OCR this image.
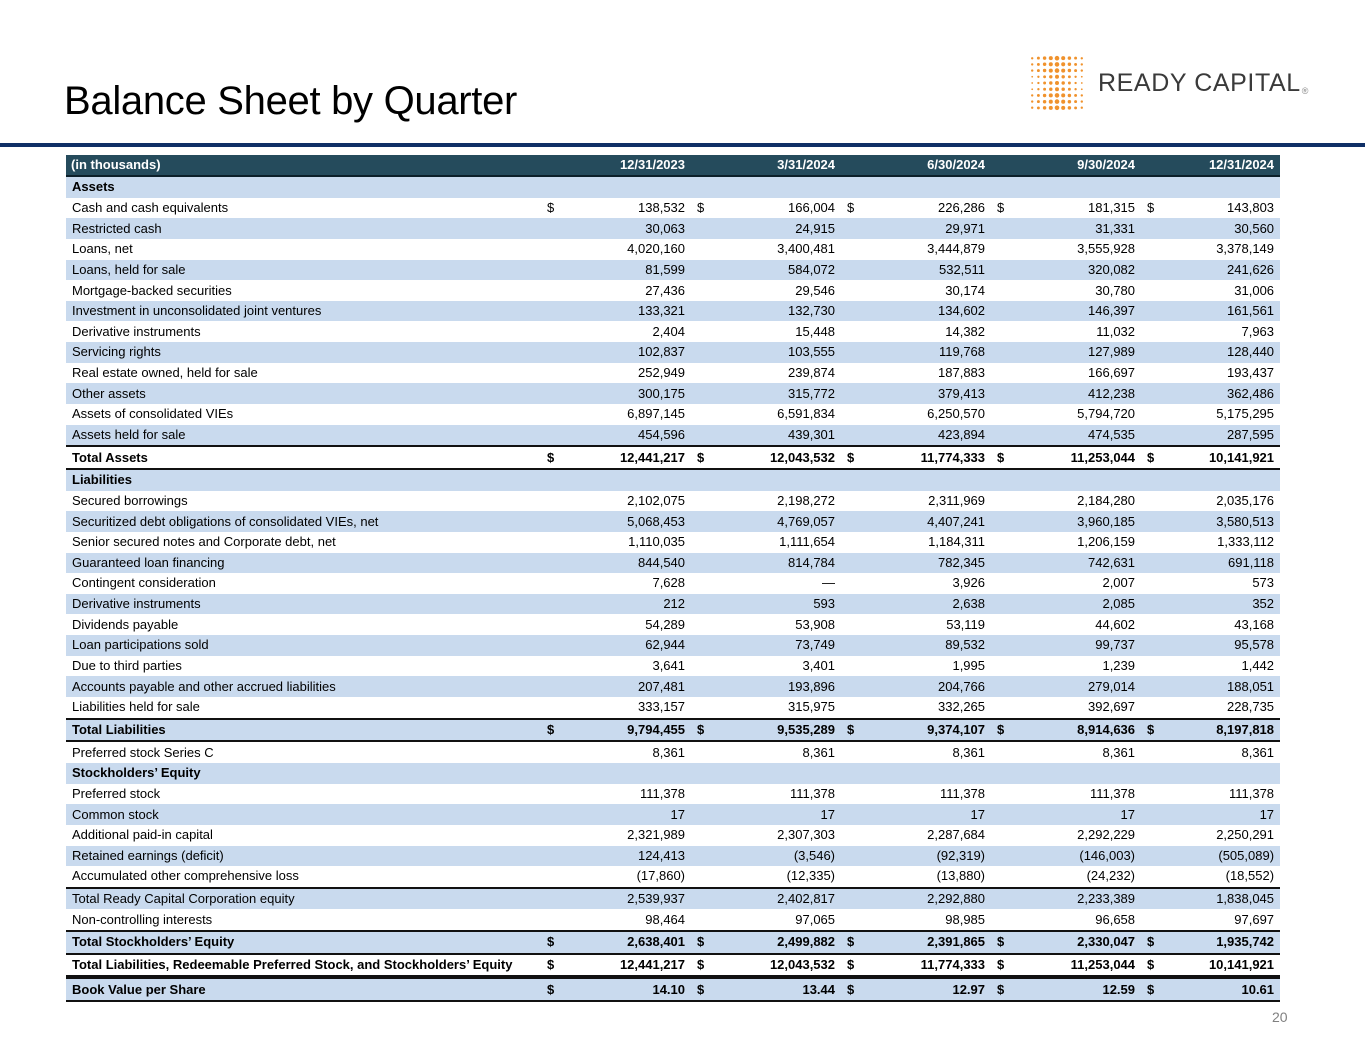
Balance Sheet by Quarter	READY CAPITAL®
(in thousands)	12/31/2023		3/31/2024		6/30/2024		9/30/2024		12/31/2024	
Assets										
Cash and cash equivalents	$	138,532	$	166,004	$	226,286	$	181,315	$	143,803
Restricted cash		30,063		24,915		29,971		31,331		30,560
Loans, net		4,020,160		3,400,481		3,444,879		3,555,928		3,378,149
Loans, held for sale		81,599		584,072		532,511		320,082		241,626
Mortgage-backed securities		27,436		29,546		30,174		30,780		31,006
Investment in unconsolidated joint ventures		133,321		132,730		134,602		146,397		161,561
Derivative instruments		2,404		15,448		14,382		11,032		7,963
Servicing rights		102,837		103,555		119,768		127,989		128,440
Real estate owned, held for sale		252,949		239,874		187,883		166,697		193,437
Other assets		300,175		315,772		379,413		412,238		362,486
Assets of consolidated VIEs		6,897,145		6,591,834		6,250,570		5,794,720		5,175,295
Assets held for sale		454,596		439,301		423,894		474,535		287,595
Total Assets	$	12,441,217	$	12,043,532	$	11,774,333	$	11,253,044	$	10,141,921
Liabilities										
Secured borrowings		2,102,075		2,198,272		2,311,969		2,184,280		2,035,176
Securitized debt obligations of consolidated VIEs, net		5,068,453		4,769,057		4,407,241		3,960,185		3,580,513
Senior secured notes and Corporate debt, net		1,110,035		1,111,654		1,184,311		1,206,159		1,333,112
Guaranteed loan financing		844,540		814,784		782,345		742,631		691,118
Contingent consideration		7,628		—		3,926		2,007		573
Derivative instruments		212		593		2,638		2,085		352
Dividends payable		54,289		53,908		53,119		44,602		43,168
Loan participations sold		62,944		73,749		89,532		99,737		95,578
Due to third parties		3,641		3,401		1,995		1,239		1,442
Accounts payable and other accrued liabilities		207,481		193,896		204,766		279,014		188,051
Liabilities held for sale		333,157		315,975		332,265		392,697		228,735
Total Liabilities	$	9,794,455	$	9,535,289	$	9,374,107	$	8,914,636	$	8,197,818
Preferred stock Series C		8,361		8,361		8,361		8,361		8,361
Stockholders’ Equity										
Preferred stock		111,378		111,378		111,378		111,378		111,378
Common stock		17		17		17		17		17
Additional paid-in capital		2,321,989		2,307,303		2,287,684		2,292,229		2,250,291
Retained earnings (deficit)		124,413		(3,546)		(92,319)		(146,003)		(505,089)
Accumulated other comprehensive loss		(17,860)		(12,335)		(13,880)		(24,232)		(18,552)
Total Ready Capital Corporation equity		2,539,937		2,402,817		2,292,880		2,233,389		1,838,045
Non-controlling interests		98,464		97,065		98,985		96,658		97,697
Total Stockholders’ Equity	$	2,638,401	$	2,499,882	$	2,391,865	$	2,330,047	$	1,935,742
Total Liabilities, Redeemable Preferred Stock, and Stockholders’ Equity	$	12,441,217	$	12,043,532	$	11,774,333	$	11,253,044	$	10,141,921
Book Value per Share	$	14.10	$	13.44	$	12.97	$	12.59	$	10.61
20
